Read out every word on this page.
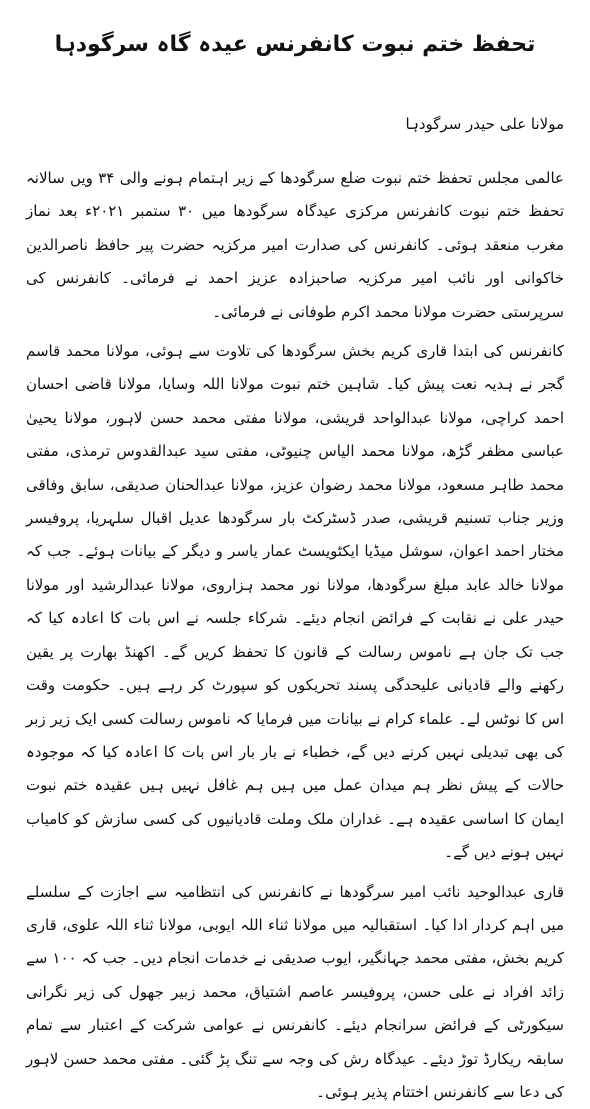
تحفظ ختم نبوت کانفرنس عیدہ گاہ سرگودہا
مولانا علی حیدر سرگودہا

عالمی مجلس تحفظ ختم نبوت ضلع سرگودھا کے زیر اہتمام ہونے والی ۳۴ ویں سالانہ تحفظ ختم نبوت کانفرنس مرکزی عیدگاہ سرگودھا میں ۳۰ ستمبر ۲۰۲۱ء بعد نماز مغرب منعقد ہوئی۔ کانفرنس کی صدارت امیر مرکزیہ حضرت پیر حافظ ناصرالدین خاکوانی اور نائب امیر مرکزیہ صاحبزادہ عزیز احمد نے فرمائی۔ کانفرنس کی سرپرستی حضرت مولانا محمد اکرم طوفانی نے فرمائی۔

کانفرنس کی ابتدا قاری کریم بخش سرگودھا کی تلاوت سے ہوئی، مولانا محمد قاسم گجر نے ہدیہ نعت پیش کیا۔ شاہین ختم نبوت مولانا اللہ وسایا، مولانا قاضی احسان احمد کراچی، مولانا عبدالواحد قریشی، مولانا مفتی محمد حسن لاہور، مولانا یحییٰ عباسی مظفر گڑھ، مولانا محمد الیاس چنیوٹی، مفتی سید عبدالقدوس ترمذی، مفتی محمد طاہر مسعود، مولانا محمد رضوان عزیز، مولانا عبدالحنان صدیقی، سابق وفاقی وزیر جناب تسنیم قریشی، صدر ڈسٹرکٹ بار سرگودھا عدیل اقبال سلہریا، پروفیسر مختار احمد اعوان، سوشل میڈیا ایکٹویسٹ عمار یاسر و دیگر کے بیانات ہوئے۔ جب کہ مولانا خالد عابد مبلغ سرگودھا، مولانا نور محمد ہزاروی، مولانا عبدالرشید اور مولانا حیدر علی نے نقابت کے فرائض انجام دیئے۔ شرکاء جلسہ نے اس بات کا اعادہ کیا کہ جب تک جان ہے ناموس رسالت کے قانون کا تحفظ کریں گے۔ اکھنڈ بھارت پر یقین رکھنے والے قادیانی علیحدگی پسند تحریکوں کو سپورٹ کر رہے ہیں۔ حکومت وقت اس کا نوٹس لے۔ علماء کرام نے بیانات میں فرمایا کہ ناموس رسالت کسی ایک زیر زبر کی بھی تبدیلی نہیں کرنے دیں گے، خطباء نے بار بار اس بات کا اعادہ کیا کہ موجودہ حالات کے پیش نظر ہم میدان عمل میں ہیں ہم غافل نہیں ہیں عقیدہ ختم نبوت ایمان کا اساسی عقیدہ ہے۔ غداران ملک وملت قادیانیوں کی کسی سازش کو کامیاب نہیں ہونے دیں گے۔

قاری عبدالوحید نائب امیر سرگودھا نے کانفرنس کی انتظامیہ سے اجازت کے سلسلے میں اہم کردار ادا کیا۔ استقبالیہ میں مولانا ثناء اللہ ایوبی، مولانا ثناء اللہ علوی، قاری کریم بخش، مفتی محمد جہانگیر، ایوب صدیقی نے خدمات انجام دیں۔ جب کہ ۱۰۰ سے زائد افراد نے علی حسن، پروفیسر عاصم اشتیاق، محمد زبیر جھول کی زیر نگرانی سیکورٹی کے فرائض سرانجام دیئے۔ کانفرنس نے عوامی شرکت کے اعتبار سے تمام سابقہ ریکارڈ توڑ دیئے۔ عیدگاہ رش کی وجہ سے تنگ پڑ گئی۔ مفتی محمد حسن لاہور کی دعا سے کانفرنس اختتام پذیر ہوئی۔
